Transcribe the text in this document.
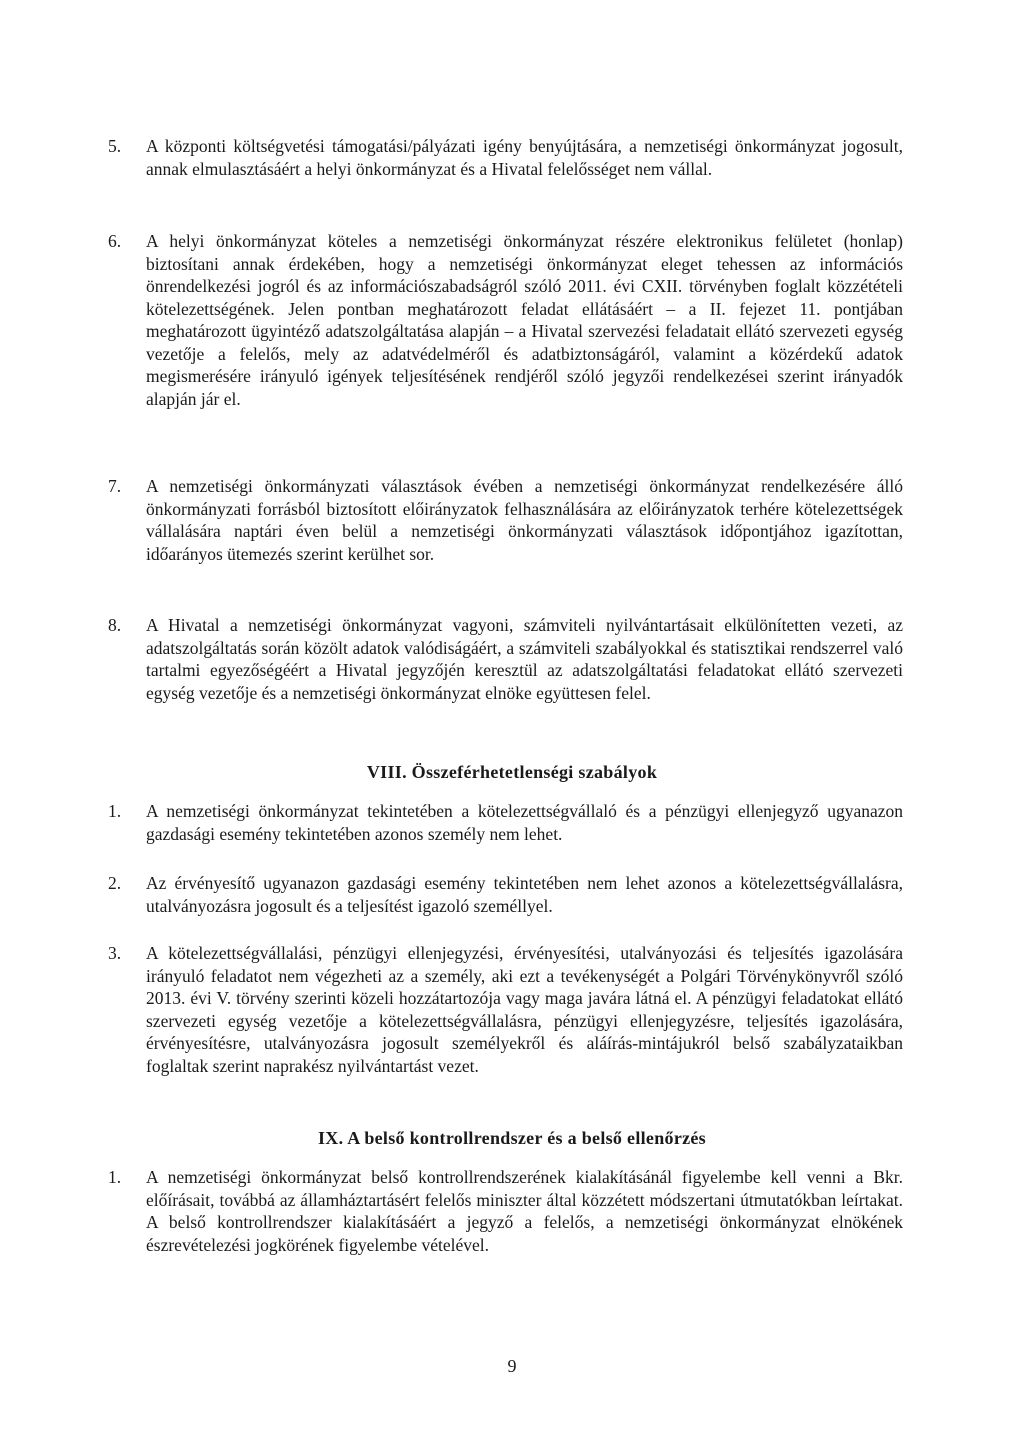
5.	A központi költségvetési támogatási/pályázati igény benyújtására, a nemzetiségi önkormányzat jogosult, annak elmulasztásáért a helyi önkormányzat és a Hivatal felelősséget nem vállal.
6.	A helyi önkormányzat köteles a nemzetiségi önkormányzat részére elektronikus felületet (honlap) biztosítani annak érdekében, hogy a nemzetiségi önkormányzat eleget tehessen az információs önrendelkezési jogról és az információszabadságról szóló 2011. évi CXII. törvényben foglalt közzétételi kötelezettségének. Jelen pontban meghatározott feladat ellátásáért – a II. fejezet 11. pontjában meghatározott ügyintéző adatszolgáltatása alapján – a Hivatal szervezési feladatait ellátó szervezeti egység vezetője a felelős, mely az adatvédelméről és adatbiztonságáról, valamint a közérdekű adatok megismerésére irányuló igények teljesítésének rendjéről szóló jegyzői rendelkezései szerint irányadók alapján jár el.
7.	A nemzetiségi önkormányzati választások évében a nemzetiségi önkormányzat rendelkezésére álló önkormányzati forrásból biztosított előirányzatok felhasználására az előirányzatok terhére kötelezettségek vállalására naptári éven belül a nemzetiségi önkormányzati választások időpontjához igazítottan, időarányos ütemezés szerint kerülhet sor.
8.	A Hivatal a nemzetiségi önkormányzat vagyoni, számviteli nyilvántartásait elkülönítetten vezeti, az adatszolgáltatás során közölt adatok valódiságáért, a számviteli szabályokkal és statisztikai rendszerrel való tartalmi egyezőségéért a Hivatal jegyzőjén keresztül az adatszolgáltatási feladatokat ellátó szervezeti egység vezetője és a nemzetiségi önkormányzat elnöke együttesen felel.
VIII. Összeférhetetlenségi szabályok
1.	A nemzetiségi önkormányzat tekintetében a kötelezettségvállaló és a pénzügyi ellenjegyző ugyanazon gazdasági esemény tekintetében azonos személy nem lehet.
2.	Az érvényesítő ugyanazon gazdasági esemény tekintetében nem lehet azonos a kötelezettségvállalásra, utalványozásra jogosult és a teljesítést igazoló személlyel.
3.	A kötelezettségvállalási, pénzügyi ellenjegyzési, érvényesítési, utalványozási és teljesítés igazolására irányuló feladatot nem végezheti az a személy, aki ezt a tevékenységét a Polgári Törvénykönyvről szóló 2013. évi V. törvény szerinti közeli hozzátartozója vagy maga javára látná el. A pénzügyi feladatokat ellátó szervezeti egység vezetője a kötelezettségvállalásra, pénzügyi ellenjegyzésre, teljesítés igazolására, érvényesítésre, utalványozásra jogosult személyekről és aláírás-mintájukról belső szabályzataikban foglaltak szerint naprakész nyilvántartást vezet.
IX. A belső kontrollrendszer és a belső ellenőrzés
1.	A nemzetiségi önkormányzat belső kontrollrendszerének kialakításánál figyelembe kell venni a Bkr. előírásait, továbbá az államháztartásért felelős miniszter által közzétett módszertani útmutatókban leírtakat. A belső kontrollrendszer kialakításáért a jegyző a felelős, a nemzetiségi önkormányzat elnökének észrevételezési jogkörének figyelembe vételével.
9
